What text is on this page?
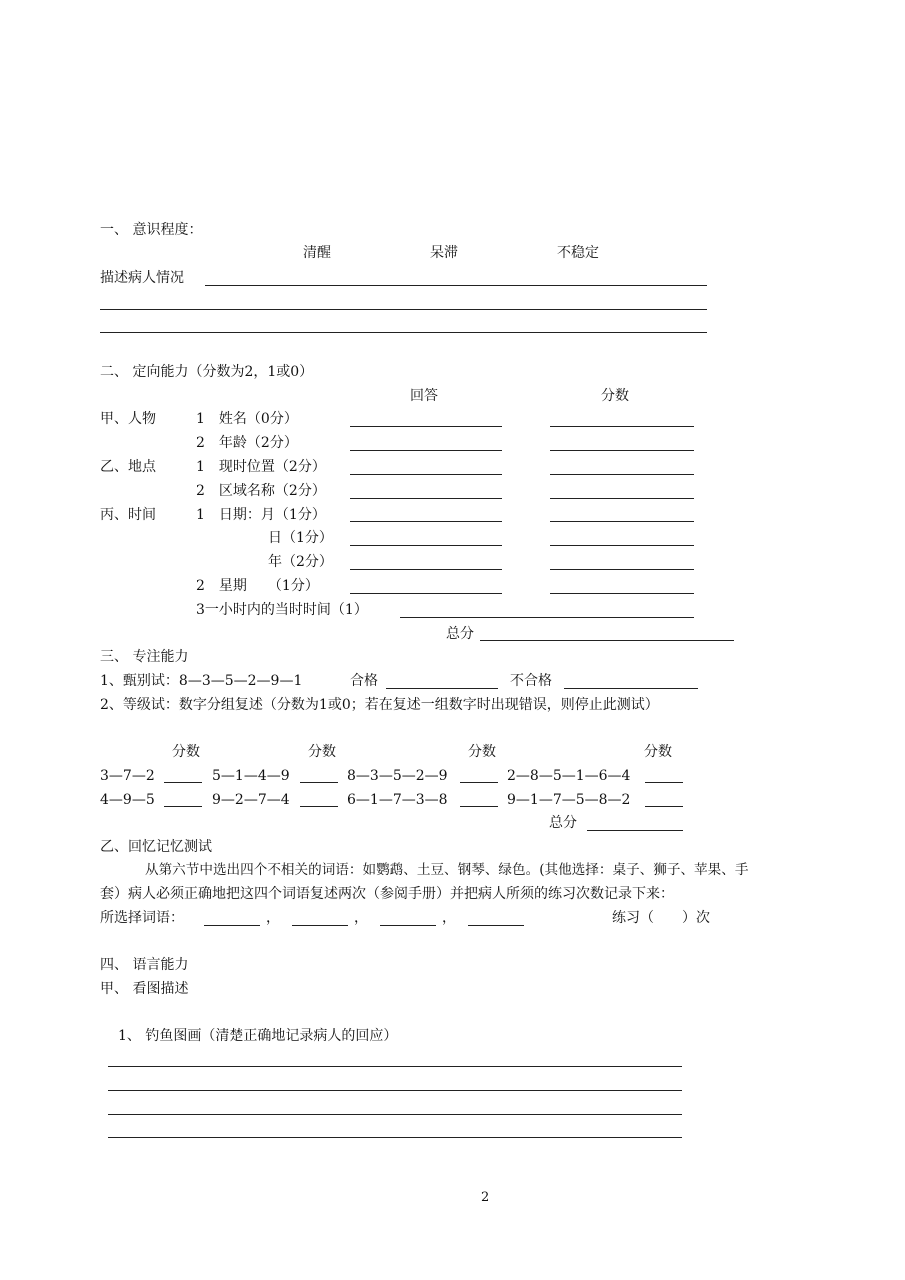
一、 意识程度：
清醒	呆滞	不稳定
描述病人情况
二、 定向能力（分数为2，1或0）
回答	分数
甲、人物	1　姓名（0分）
2　年龄（2分）
乙、地点	1　现时位置（2分）
2　区域名称（2分）
丙、时间	1　日期：月（1分）
日（1分）
年（2分）
2　星期　　（1分）
3一小时内的当时时间（1）
总分
三、 专注能力
1、甄别试：8—3—5—2—9—1	合格	不合格
2、等级试：数字分组复述（分数为1或0；若在复述一组数字时出现错误，则停止此测试）
分数	分数	分数	分数
3—7—2	5—1—4—9	8—3—5—2—9	2—8—5—1—6—4
4—9—5	9—2—7—4	6—1—7—3—8	9—1—7—5—8—2
总分
乙、回忆记忆测试
从第六节中选出四个不相关的词语：如鹦鹉、土豆、钢琴、绿色。(其他选择：桌子、狮子、苹果、手
套）病人必须正确地把这四个词语复述两次（参阅手册）并把病人所须的练习次数记录下来：
所选择词语：	，	，	，	练习（　　）次
四、 语言能力
甲、 看图描述
1、 钓鱼图画（清楚正确地记录病人的回应）
2
